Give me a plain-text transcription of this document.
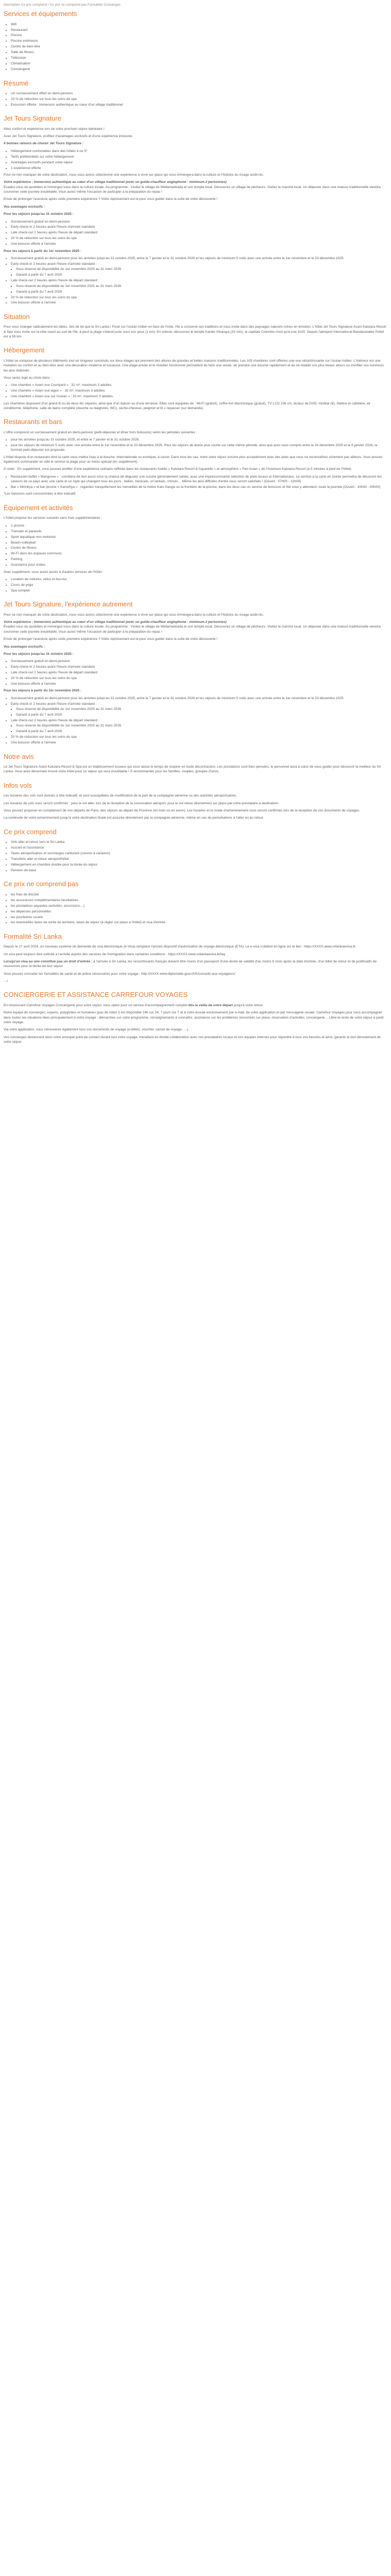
Description Ce prix comprend / Ce prix ne comprend pas Formalités Concierges
Services et équipements
• Wifi
• Restaurant
• Piscine
• Piscine extérieure
• Centre de bien-être
• Salle de fitness
• Télévision
• Climatisation
• Conciergerie
Résumé
• Un surclassement offert en demi-pension
• 20 % de réduction sur tous les soins de spa
• Excursion offerte : Immersion authentique au cœur d'un village traditionnel
Jet Tours Signature

Allez confort et expérience lors de votre prochain séjour balnéaire !

Avec Jet Tours Signature, profitez d'avantages exclusifs et d'une expérience inclusive.

4 bonnes raisons de choisir Jet Tours Signature :

• Hébergement confortables dans des hôtels 4 ou 5*
• Tarifs préférentiels sur votre hébergement
• Avantages exclusifs pendant votre séjour
• 1 expérience offerte

Pour ne rien manquer de votre destination, nous vous avons sélectionné une expérience à vivre sur place qui vous immergera dans la culture et l'histoire du visage andin-tic.

Votre expérience : Immersion authentique au cœur d'un village traditionnel (avec un guide-chauffeur anglophone - minimum 2 personnes)
Évadez-vous du quotidien et immergez-vous dans la culture locale. Au programme : Visitez le village de Wellamankada et son temple local. Découvrez un village de pêcheurs. Visitez le marché local. Un déjeuner dans une maison traditionnelle viendra couronner cette journée inoubliable. Vous aurez même l'occasion de participer à la préparation du repas !

Envie de prolonger l'aventure après cette première expérience ? Votre représentant est là pour vous guider dans la suite de votre découverte !

Vos avantages exclusifs :

Pour les séjours jusqu'au 31 octobre 2025 :

• Surclassement gratuit en demi-pension
• Early check-in 2 heures avant l'heure d'arrivée standard
• Late check-out 2 heures après l'heure de départ standard
• 20 % de réduction sur tous les soins du spa
• Une boisson offerte à l'arrivée

Pour les séjours à partir du 1er novembre 2025 :

• Surclassement gratuit en demi-pension pour les arrivées jusqu'au 31 octobre 2025, entre le 7 janvier et le 31 octobre 2026 et les séjours de minimum 5 nuits avec une arrivée entre le 1er novembre et le 23 décembre 2025.
• Early check-in 2 heures avant l'heure d'arrivée standard :
▪ Sous réserve de disponibilité du 1er novembre 2025 au 31 mars 2026
▪ Garanti à partir du 7 avril 2026
• Late check-out 2 heures après l'heure de départ standard :
▪ Sous réserve de disponibilité du 1er novembre 2025 au 31 mars 2026
▪ Garanti à partir du 7 avril 2026
• 20 % de réduction sur tous les soins du spa
• Une boisson offerte à l'arrivée
Situation

Pour vous changer radicalement les idées, rien de tel que le Sri Lanka ! Posé sur l'océan Indien en face de l'Inde, l'île a conservé ses traditions et vous invite dans des paysages naturels riches en émotion. L'hôtel Jet Tours Signature Avani Kalutara Resort & Spa vous invite sur la côte ouest au sud de l'île, à peut la plage s'étend juste sous vos yeux (1 km). En voiture, découvrez le temple Kande Viharaya (20 min), la capitale Colombo n'est qu'à une 1h20. Depuis l'aéroport International Bandaranaike l'hôtel est à 55 km.

Hébergement

L'hôtel se compose de plusieurs bâtiments tout en longueur construits sur deux étages qui prennent des allures de grandes et belles maisons traditionnelles. Les 105 chambres sont offertes une vue rafraîchissante sur l'océan Indien. L'intérieur est une invitation au confort et au bien-être avec une décoration moderne et luxueuse. Une plage privée et le mobilier fonctionnel permettent de faire une sieste, de prendre une douche rapidement et de ne rétablir vos plus beaux atours ou d'enfiler vos honneurs les plus élaborés.

Vous serez logé au choix dans :

• Une chambre « Avani vue Courtyard » : 32 m², maximum 3 adultes.
• Une chambre « Avani vue lagon » : 32 m², maximum 3 adultes.
• Une chambre « Avani vue sur l'océan » : 32 m², maximum 3 adultes.

Les chambres disposent d'un grand lit ou de deux lits séparés, ainsi que d'un balcon ou d'une terrasse. Elles sont équipées de : Wi-Fi (gratuit), coffre-fort électronique (gratuit), TV LCD 106 cm, lecteur de DVD, minibar (€), théière et cafetière, air conditionné, téléphone, salle de bains complète (douche ou baignoire, WC), sèche-cheveux, peignoir et lit « repasser (sur demande).

Restaurants et bars

L'offre comprend un surclassement gratuit en demi-pension (petit-déjeuner et dîner hors boissons) selon les périodes suivantes :

• pour les arrivées jusqu'au 31 octobre 2025, et entre le 7 janvier et le 31 octobre 2026.
• pour les séjours de minimum 5 nuits avec une arrivée entre le 1er novembre et le 23 décembre 2025. Pour les séjours de durée plus courte sur cette même période, ainsi que pour ceux compris entre le 24 décembre 2025 et le 6 janvier 2026, la formule petit-déjeuner est proposée.

L'hôtel dispose d'un restaurant dont la carte vous mettra l'eau à la bouche. Internationale ou exotique, à savoir. Dans tous les cas, notre votre séjour sincère plus acceptément avec des plats que vous ne reconnaîtrez sûrement pas ailleurs. Vous pouvez également commander en ville le service la plage pour un menu spécial (en supplément).

À noter : En supplément, vous pouvez profiter d'une expérience culinaire raffinée dans les restaurants Kalido « Kalutara Resort & Aquarelle » et atmosphère « Pan Asian » de l'Aventure Kalutara Resort (à 5 minutes à pied de l'hôtel).

• Restaurant buffet « Mangrove » : comblera de bon aussi vous la chance de déguster une cuisine généralement variée, avec une impressionnante sélection de plats locaux et internationaux. Le service à la carte en soirée permettra de découvrir les saveurs de ce pays avec une carte et un style qui changent tous les jours : italien, mexicain, sri lankais, chinois… Même les plus difficiles d'entre vous seront satisfaits ! (Ouvert : 07h00 - 12h00)
• Bar « Mirinkya » et bar piscine « Kanothya » : regardez tranquillement les merveilles de la rivière Kalu Ganga ou la frontière de la piscine, dans les deux cas un service de boissons et thé vous y attendent, toute la journée (Ouvert : 10h00 - 00h00)

*Les boissons sont consommées à titre indicatif.

Équipement et activités

L'hôtel propose les services suivants sans frais supplémentaires :

• 1 piscine
• Transats et parasols
• Sport aquatique non-motorisé
• Beach-volleyball
• Centre de fitness
• Wi-Fi dans les espaces communs
• Parking
• Assistance pour visites

Avec supplément, vous aurez accès à d'autres services de l'hôtel :

• Location de voitures, vélos et bus-tuc
• Cours de yoga
• Spa complet
Jet Tours Signature, l'expérience autrement

Pour ne rien manquer de votre destination, nous vous avons sélectionné une expérience à vivre sur place qui vous immergera dans la culture et l'histoire du visage andin-tic.

Votre expérience : Immersion authentique au cœur d'un village traditionnel (avec un guide-chauffeur anglophone - minimum 2 personnes)
Évadez-vous du quotidien et immergez-vous dans la culture locale. Au programme : Visitez le village de Wellamankada et son temple local. Découvrez un village de pêcheurs. Visitez le marché local. Un déjeuner dans une maison traditionnelle viendra couronner cette journée inoubliable. Vous aurez même l'occasion de participer à la préparation du repas !

Envie de prolonger l'aventure après cette première expérience ? Votre représentant est là pour vous guider dans la suite de votre découverte !

Vos avantages exclusifs :

Pour les séjours jusqu'au 31 octobre 2025 :

• Surclassement gratuit en demi-pension
• Early check-in 2 heures avant l'heure d'arrivée standard
• Late check-out 2 heures après l'heure de départ standard
• 20 % de réduction sur tous les soins du spa
• Une boisson offerte à l'arrivée

Pour les séjours à partir du 1er novembre 2025 :

• Surclassement gratuit en demi-pension pour les arrivées jusqu'au 31 octobre 2025, entre le 7 janvier et le 31 octobre 2026 et les séjours de minimum 5 nuits avec une arrivée entre le 1er novembre et le 23 décembre 2025.
• Early check-in 2 heures avant l'heure d'arrivée standard :
▪ Sous réserve de disponibilité du 1er novembre 2025 au 31 mars 2026
▪ Garanti à partir du 7 avril 2026
• Late check-out 2 heures après l'heure de départ standard :
▪ Sous réserve de disponibilité du 1er novembre 2025 au 31 mars 2026
▪ Garanti à partir du 7 avril 2026
• 20 % de réduction sur tous les soins du spa
• Une boisson offerte à l'arrivée
Notre avis

Le Jet Tours Signature Avani Kalutara Resort & Spa est un établissement luxueux qui vous laisse le temps de respirer en toute décontraction. Les prestations sont bien pensées, le personnel aura à cœur de vous guider pour découvrir la meilleur du Sri Lanka. Vous avez désormais trouvé votre hôtel pour un séjour qui sera inoubliable ! À recommander pour les familles, couples, groupes d'amis.

Infos vols

Les horaires des vols sont donnés à titre indicatif, et sont susceptibles de modification de la part de la compagnie aérienne ou des autorités aéroportuaires.

Les horaires de vols vous seront confirmés : pour le vol aller, lors de la réception de la convocation aéroport, pour le vol retour directement sur place par votre prestataire à destination.

Vous pouvez proposer en complément de nos départs de Paris, des séjours au départ de Province (en train ou en avion). Les horaires et le mode d'acheminement vous seront confirmés lors de la réception de vos documents de voyages.

La continuité de votre acheminement jusqu'à votre destination finale est assurée directement par la compagnie aérienne, même en cas de perturbations à l'aller ou au retour.

Ce prix comprend
• Vols aller et retour vers le Sri Lanka
• Accueil et l'assistance
• Taxes aéroportuaires et surcharges carburant (soumis à variation)
• Transferts aller et retour aéroport/hôtel
• Hébergement en chambre double pour la durée du séjour
• Pension de base
Ce prix ne comprend pas
• les frais de dossier
• les assurances complémentaires facultatives
• les prestations payantes (activités, excursions…)
• les dépenses personnelles
• les pourboires usuels
• les éventuelles taxes de sortie du territoire, taxes de séjour (à régler sur place à l'hôtel) et visa d'entrée
Formalité Sri Lanka

Depuis le 17 avril 2024, un nouveau système de demande de visa électronique (e-Visa) remplace l'ancien dispositif d'autorisation de voyage électronique (ETA). Le e-visa s'obtient en ligne sur le lien : https://XXXX.www.srilankaevisa.lk

Un visa peut toujours être sollicité à l'arrivée auprès des services de l'immigration dans certaines conditions : https://XXXX.www.srilankaevisa.lk/faq

Lorsqu'un visa ou une constitue pas un droit d'entrée : à l'arrivée à Sri Lanka, les ressortissants français doivent être munis d'un passeport d'une durée de validité d'au moins 6 mois après la date d'entrée, d'un billet de retour et de justificatifs de ressources pour la durée de leur séjour.

Vous pouvez consulter les formalités de santé et de police nécessaires pour votre voyage : http://XXXX.www.diplomatie.gouv.fr/fr/conseils-aux-voyageurs/

…/

CONCIERGERIE ET ASSISTANCE CARREFOUR VOYAGES

En choisissant Carrefour Voyages Conciergerie pour votre séjour, vous optez pour un service d'accompagnement complet dès la veille de votre départ jusqu'à votre retour.

Notre équipe de concierges, experts, polyglottes et humaines (pas de robot !) est disponible 24h sur 24, 7 jours sur 7 et à votre écoute exclusivement par e-mail, de votre application et par messagerie vocale. Carrefour Voyages pour vous accompagner dans toutes les situations liées principalement à votre voyage : démarches sur votre programme, renseignements à connaître, assistance sur les problèmes rencontrés sur place, réservation d'activités, conciergerie… Libre-le reste de votre séjour à partir votre voyage.

Via votre application, vous retrouverez également tous vos documents de voyage (e-billets, voucher, carnet de voyage, …).

Vos concierges deviennent alors votre principal point de contact durant tout votre voyage, travaillant en étroite collaboration avec nos prestataires locaux et nos équipes internes pour répondre à tous vos besoins et ainsi, garantir le bon déroulement de votre séjour.
